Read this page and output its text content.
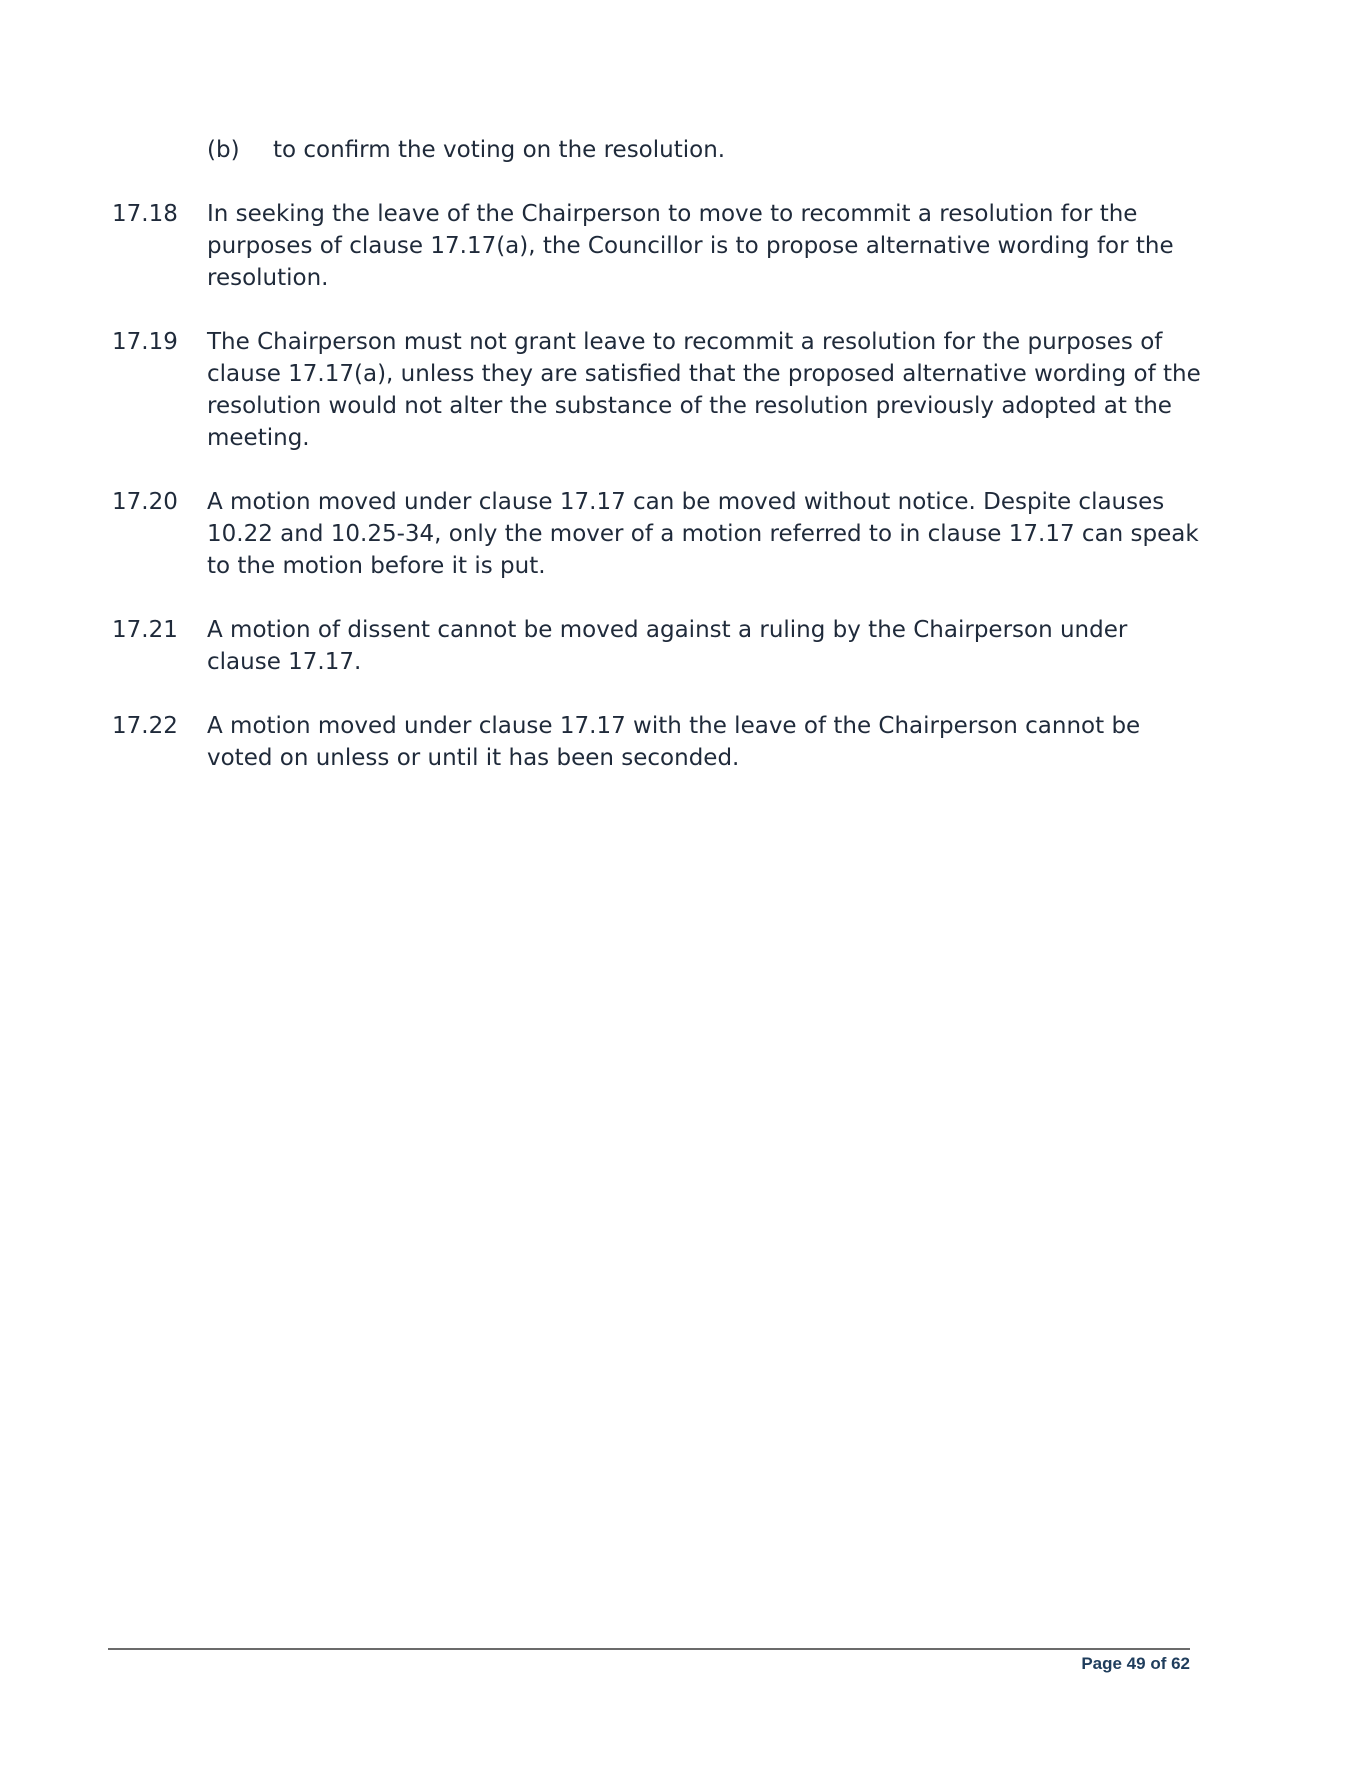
(b)	to confirm the voting on the resolution.
17.18	In seeking the leave of the Chairperson to move to recommit a resolution for the purposes of clause 17.17(a), the Councillor is to propose alternative wording for the resolution.
17.19	The Chairperson must not grant leave to recommit a resolution for the purposes of clause 17.17(a), unless they are satisfied that the proposed alternative wording of the resolution would not alter the substance of the resolution previously adopted at the meeting.
17.20	A motion moved under clause 17.17 can be moved without notice. Despite clauses 10.22 and 10.25-34, only the mover of a motion referred to in clause 17.17 can speak to the motion before it is put.
17.21	A motion of dissent cannot be moved against a ruling by the Chairperson under clause 17.17.
17.22	A motion moved under clause 17.17 with the leave of the Chairperson cannot be voted on unless or until it has been seconded.
Page 49 of 62
